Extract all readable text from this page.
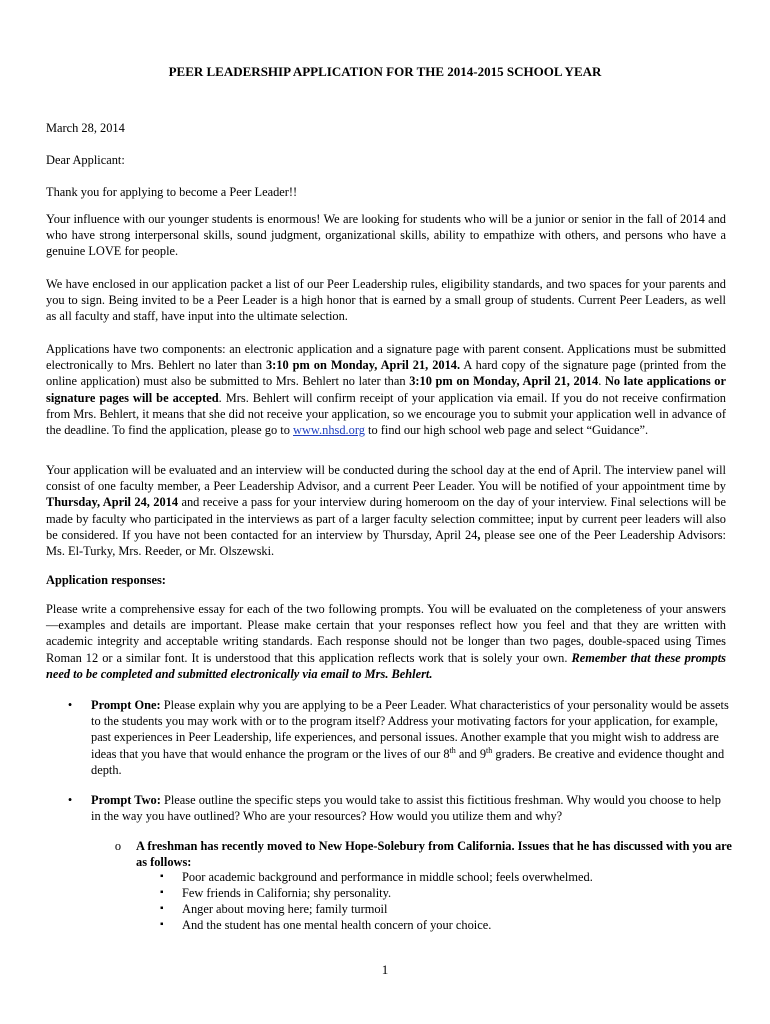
PEER LEADERSHIP APPLICATION FOR THE 2014-2015 SCHOOL YEAR
March 28, 2014
Dear Applicant:
Thank you for applying to become a Peer Leader!!
Your influence with our younger students is enormous! We are looking for students who will be a junior or senior in the fall of 2014 and who have strong interpersonal skills, sound judgment, organizational skills, ability to empathize with others, and persons who have a genuine LOVE for people.
We have enclosed in our application packet a list of our Peer Leadership rules, eligibility standards, and two spaces for your parents and you to sign. Being invited to be a Peer Leader is a high honor that is earned by a small group of students. Current Peer Leaders, as well as all faculty and staff, have input into the ultimate selection.
Applications have two components: an electronic application and a signature page with parent consent. Applications must be submitted electronically to Mrs. Behlert no later than 3:10 pm on Monday, April 21, 2014. A hard copy of the signature page (printed from the online application) must also be submitted to Mrs. Behlert no later than 3:10 pm on Monday, April 21, 2014. No late applications or signature pages will be accepted. Mrs. Behlert will confirm receipt of your application via email. If you do not receive confirmation from Mrs. Behlert, it means that she did not receive your application, so we encourage you to submit your application well in advance of the deadline. To find the application, please go to www.nhsd.org to find our high school web page and select “Guidance”.
Your application will be evaluated and an interview will be conducted during the school day at the end of April. The interview panel will consist of one faculty member, a Peer Leadership Advisor, and a current Peer Leader. You will be notified of your appointment time by Thursday, April 24, 2014 and receive a pass for your interview during homeroom on the day of your interview. Final selections will be made by faculty who participated in the interviews as part of a larger faculty selection committee; input by current peer leaders will also be considered. If you have not been contacted for an interview by Thursday, April 24, please see one of the Peer Leadership Advisors: Ms. El-Turky, Mrs. Reeder, or Mr. Olszewski.
Application responses:
Please write a comprehensive essay for each of the two following prompts. You will be evaluated on the completeness of your answers—examples and details are important. Please make certain that your responses reflect how you feel and that they are written with academic integrity and acceptable writing standards. Each response should not be longer than two pages, double-spaced using Times Roman 12 or a similar font. It is understood that this application reflects work that is solely your own. Remember that these prompts need to be completed and submitted electronically via email to Mrs. Behlert.
•	Prompt One: Please explain why you are applying to be a Peer Leader. What characteristics of your personality would be assets to the students you may work with or to the program itself? Address your motivating factors for your application, for example, past experiences in Peer Leadership, life experiences, and personal issues. Another example that you might wish to address are ideas that you have that would enhance the program or the lives of our 8th and 9th graders. Be creative and evidence thought and depth.
•	Prompt Two: Please outline the specific steps you would take to assist this fictitious freshman. Why would you choose to help in the way you have outlined? Who are your resources? How would you utilize them and why?
o A freshman has recently moved to New Hope-Solebury from California. Issues that he has discussed with you are as follows:
▪	Poor academic background and performance in middle school; feels overwhelmed.
▪	Few friends in California; shy personality.
▪	Anger about moving here; family turmoil
▪	And the student has one mental health concern of your choice.
1
